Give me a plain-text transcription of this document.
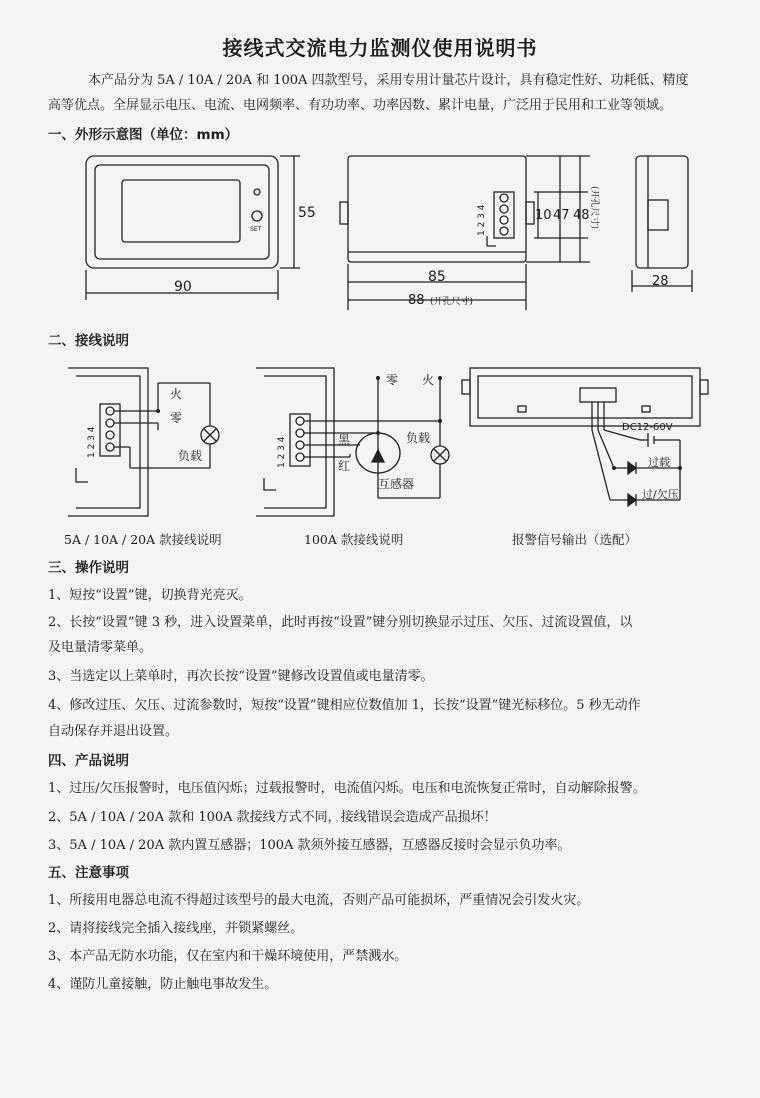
接线式交流电力监测仪使用说明书
本产品分为 5A / 10A / 20A 和 100A 四款型号，采用专用计量芯片设计，具有稳定性好、功耗低、精度
高等优点。全屏显示电压、电流、电网频率、有功功率、功率因数、累计电量，广泛用于民用和工业等领域。
一、外形示意图（单位：mm）
SET
55
90
85
88 (开孔尺寸)
1 2 3 4	10 47 48 (开孔尺寸)
28
二、接线说明
1 2 3 4
火
零
负载	1 2 3 4
零 火
黑
红
负载
互感器
DC12-60V
过载
过/欠压
5A / 10A / 20A 款接线说明	100A 款接线说明	报警信号输出（选配）
三、操作说明
1、短按“设置”键，切换背光亮灭。
2、长按“设置”键 3 秒，进入设置菜单，此时再按“设置”键分别切换显示过压、欠压、过流设置值，以
及电量清零菜单。
3、当选定以上菜单时，再次长按“设置”键修改设置值或电量清零。
4、修改过压、欠压、过流参数时，短按“设置”键相应位数值加 1，长按“设置”键光标移位。5 秒无动作
自动保存并退出设置。
四、产品说明
1、过压/欠压报警时，电压值闪烁；过载报警时，电流值闪烁。电压和电流恢复正常时，自动解除报警。
2、5A / 10A / 20A 款和 100A 款接线方式不同，接线错误会造成产品损坏！
3、5A / 10A / 20A 款内置互感器；100A 款须外接互感器，互感器反接时会显示负功率。
五、注意事项
1、所接用电器总电流不得超过该型号的最大电流，否则产品可能损坏，严重情况会引发火灾。
2、请将接线完全插入接线座，并锁紧螺丝。
3、本产品无防水功能，仅在室内和干燥环境使用，严禁溅水。
4、谨防儿童接触，防止触电事故发生。
